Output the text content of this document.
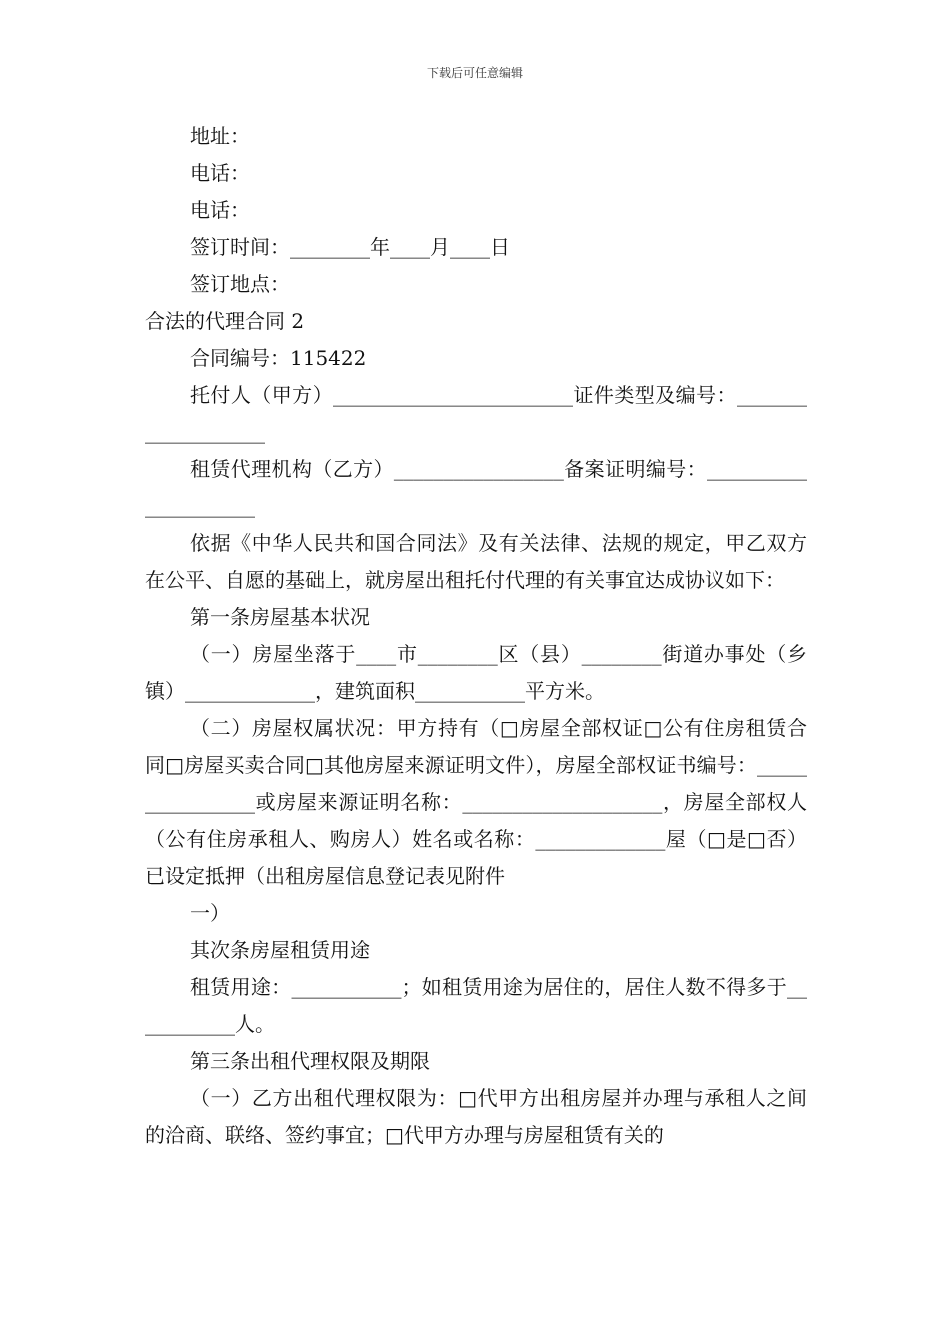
下载后可任意编辑

地址：

电话：

电话：

签订时间：________年____月____日

签订地点：

合法的代理合同 2

合同编号：115422

托付人（甲方）________________________证件类型及编号：___________________

租赁代理机构（乙方）_________________备案证明编号：_____________________

依据《中华人民共和国合同法》及有关法律、法规的规定，甲乙双方在公平、自愿的基础上，就房屋出租托付代理的有关事宜达成协议如下：

第一条房屋基本状况

（一）房屋坐落于____市________区（县）________街道办事处（乡镇）_____________，建筑面积___________平方米。

（二）房屋权属状况：甲方持有（□房屋全部权证□公有住房租赁合同□房屋买卖合同□其他房屋来源证明文件），房屋全部权证书编号：________________或房屋来源证明名称：____________________，房屋全部权人（公有住房承租人、购房人）姓名或名称：_____________屋（□是□否）已设定抵押（出租房屋信息登记表见附件

一）

其次条房屋租赁用途

租赁用途：___________；如租赁用途为居住的，居住人数不得多于___________人。

第三条出租代理权限及期限

（一）乙方出租代理权限为：□代甲方出租房屋并办理与承租人之间的洽商、联络、签约事宜；□代甲方办理与房屋租赁有关的
